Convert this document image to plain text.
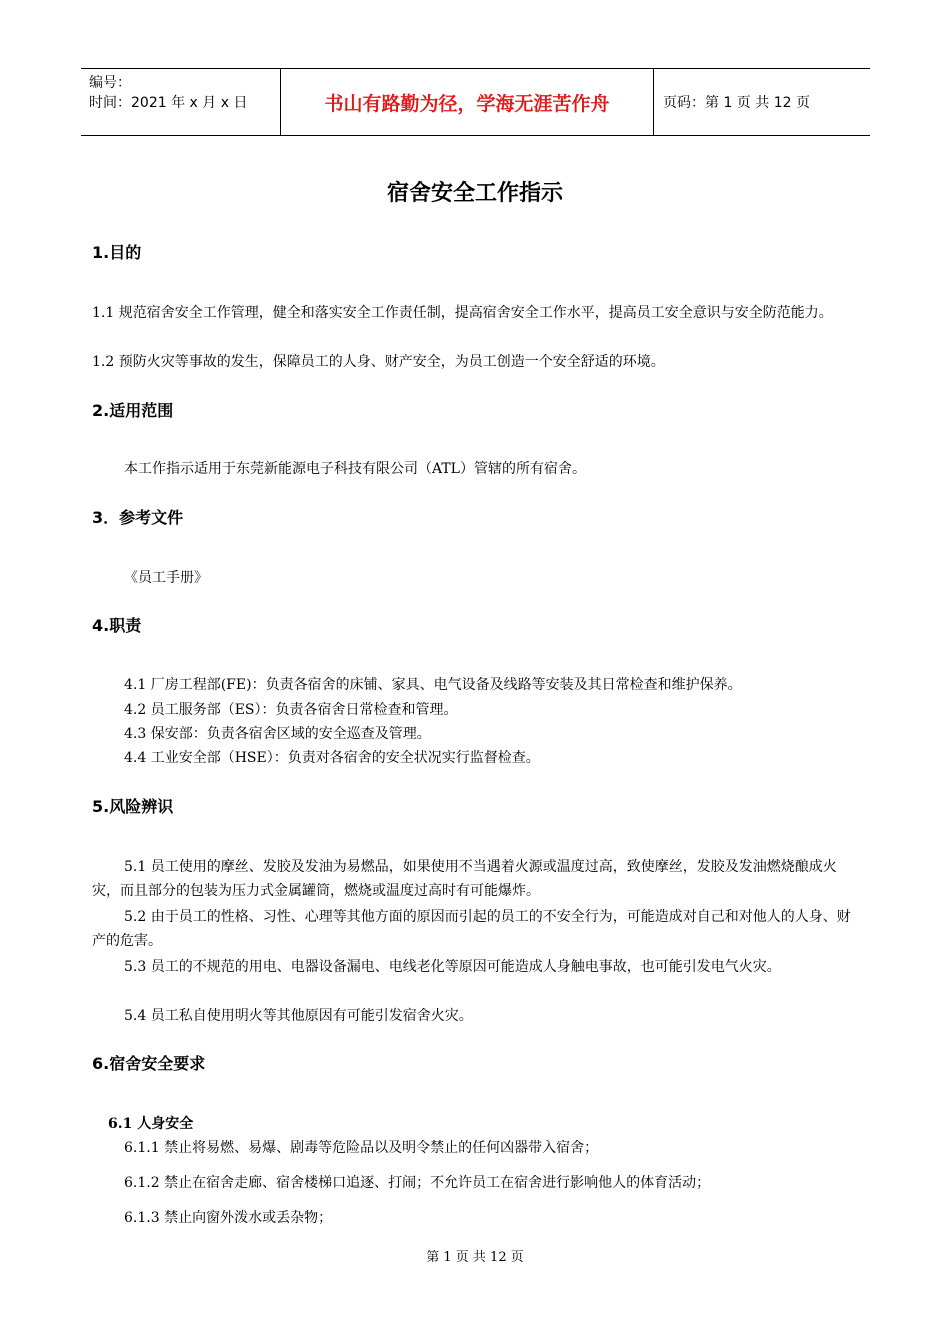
编号：
时间：2021 年 x 月 x 日	书山有路勤为径，学海无涯苦作舟	页码：第 1 页 共 12 页
宿舍安全工作指示
1.目的
1.1 规范宿舍安全工作管理，健全和落实安全工作责任制，提高宿舍安全工作水平，提高员工安全意识与安全防范能力。
1.2 预防火灾等事故的发生，保障员工的人身、财产安全，为员工创造一个安全舒适的环境。
2.适用范围
本工作指示适用于东莞新能源电子科技有限公司（ATL）管辖的所有宿舍。
3．参考文件
《员工手册》
4.职责
4.1 厂房工程部(FE)：负责各宿舍的床铺、家具、电气设备及线路等安装及其日常检查和维护保养。
4.2 员工服务部（ES）：负责各宿舍日常检查和管理。
4.3 保安部：负责各宿舍区域的安全巡查及管理。
4.4 工业安全部（HSE）：负责对各宿舍的安全状况实行监督检查。
5.风险辨识
5.1 员工使用的摩丝、发胶及发油为易燃品，如果使用不当遇着火源或温度过高，致使摩丝，发胶及发油燃烧酿成火灾，而且部分的包装为压力式金属罐筒，燃烧或温度过高时有可能爆炸。
5.2 由于员工的性格、习性、心理等其他方面的原因而引起的员工的不安全行为，可能造成对自己和对他人的人身、财产的危害。
5.3 员工的不规范的用电、电器设备漏电、电线老化等原因可能造成人身触电事故，也可能引发电气火灾。
5.4 员工私自使用明火等其他原因有可能引发宿舍火灾。
6.宿舍安全要求
6.1 人身安全
6.1.1 禁止将易燃、易爆、剧毒等危险品以及明令禁止的任何凶器带入宿舍；
6.1.2 禁止在宿舍走廊、宿舍楼梯口追逐、打闹；不允许员工在宿舍进行影响他人的体育活动；
6.1.3 禁止向窗外泼水或丢杂物；
第 1 页 共 12 页
